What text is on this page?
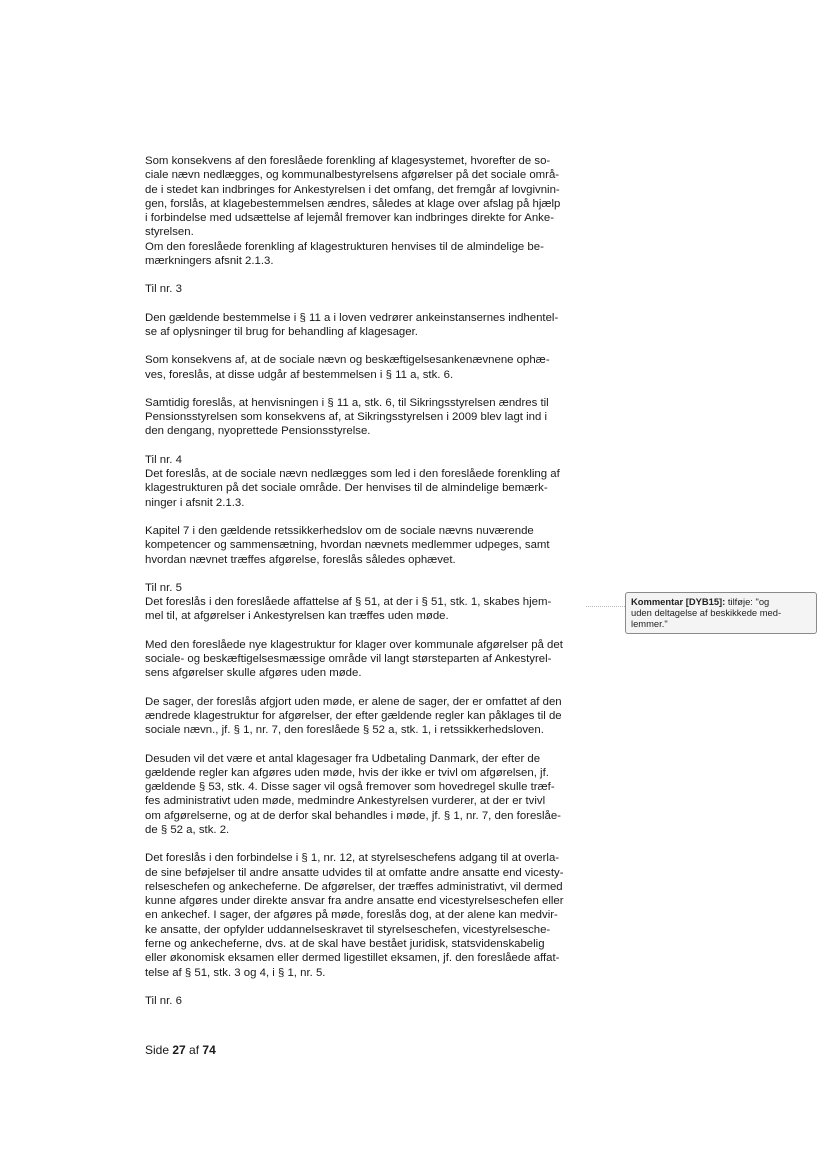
Som konsekvens af den foreslåede forenkling af klagesystemet, hvorefter de so-
ciale nævn nedlægges, og kommunalbestyrelsens afgørelser på det sociale områ-
de i stedet kan indbringes for Ankestyrelsen i det omfang, det fremgår af lovgivnin-
gen, forslås, at klagebestemmelsen ændres, således at klage over afslag på hjælp
i forbindelse med udsættelse af lejemål fremover kan indbringes direkte for Anke-
styrelsen.

Om den foreslåede forenkling af klagestrukturen henvises til de almindelige be-
mærkningers afsnit 2.1.3.

Til nr. 3

Den gældende bestemmelse i § 11 a i loven vedrører ankeinstansernes indhentel-
se af oplysninger til brug for behandling af klagesager.

Som konsekvens af, at de sociale nævn og beskæftigelsesankenævnene ophæ-
ves, foreslås, at disse udgår af bestemmelsen i § 11 a, stk. 6.

Samtidig foreslås, at henvisningen i § 11 a, stk. 6, til Sikringsstyrelsen ændres til
Pensionsstyrelsen som konsekvens af, at Sikringsstyrelsen i 2009 blev lagt ind i
den dengang, nyoprettede Pensionsstyrelse.

Til nr. 4

Det foreslås, at de sociale nævn nedlægges som led i den foreslåede forenkling af
klagestrukturen på det sociale område. Der henvises til de almindelige bemærk-
ninger i afsnit 2.1.3.

Kapitel 7 i den gældende retssikkerhedslov om de sociale nævns nuværende
kompetencer og sammensætning, hvordan nævnets medlemmer udpeges, samt
hvordan nævnet træffes afgørelse, foreslås således ophævet.

Til nr. 5

Det foreslås i den foreslåede affattelse af § 51, at der i § 51, stk. 1, skabes hjem-
mel til, at afgørelser i Ankestyrelsen kan træffes uden møde.

Med den foreslåede nye klagestruktur for klager over kommunale afgørelser på det
sociale- og beskæftigelsesmæssige område vil langt størsteparten af Ankestyrel-
sens afgørelser skulle afgøres uden møde.

De sager, der foreslås afgjort uden møde, er alene de sager, der er omfattet af den
ændrede klagestruktur for afgørelser, der efter gældende regler kan påklages til de
sociale nævn., jf. § 1, nr. 7, den foreslåede § 52 a, stk. 1, i retssikkerhedsloven.

Desuden vil det være et antal klagesager fra Udbetaling Danmark, der efter de
gældende regler kan afgøres uden møde, hvis der ikke er tvivl om afgørelsen, jf.
gældende § 53, stk. 4. Disse sager vil også fremover som hovedregel skulle træf-
fes administrativt uden møde, medmindre Ankestyrelsen vurderer, at der er tvivl
om afgørelserne, og at de derfor skal behandles i møde, jf. § 1, nr. 7, den foreslåe-
de § 52 a, stk. 2.

Det foreslås i den forbindelse i § 1, nr. 12, at styrelseschefens adgang til at overla-
de sine beføjelser til andre ansatte udvides til at omfatte andre ansatte end vicesty-
relseschefen og ankecheferne. De afgørelser, der træffes administrativt, vil dermed
kunne afgøres under direkte ansvar fra andre ansatte end vicestyrelseschefen eller
en ankechef. I sager, der afgøres på møde, foreslås dog, at der alene kan medvir-
ke ansatte, der opfylder uddannelseskravet til styrelseschefen, vicestyrelsesche-
ferne og ankecheferne, dvs. at de skal have bestået juridisk, statsvidenskabelig
eller økonomisk eksamen eller dermed ligestillet eksamen, jf. den foreslåede affat-
telse af § 51, stk. 3 og 4, i § 1, nr. 5.

Til nr. 6

Kommentar [DYB15]: tilføje: "og
uden deltagelse af beskikkede med-
lemmer."
Side 27 af 74
